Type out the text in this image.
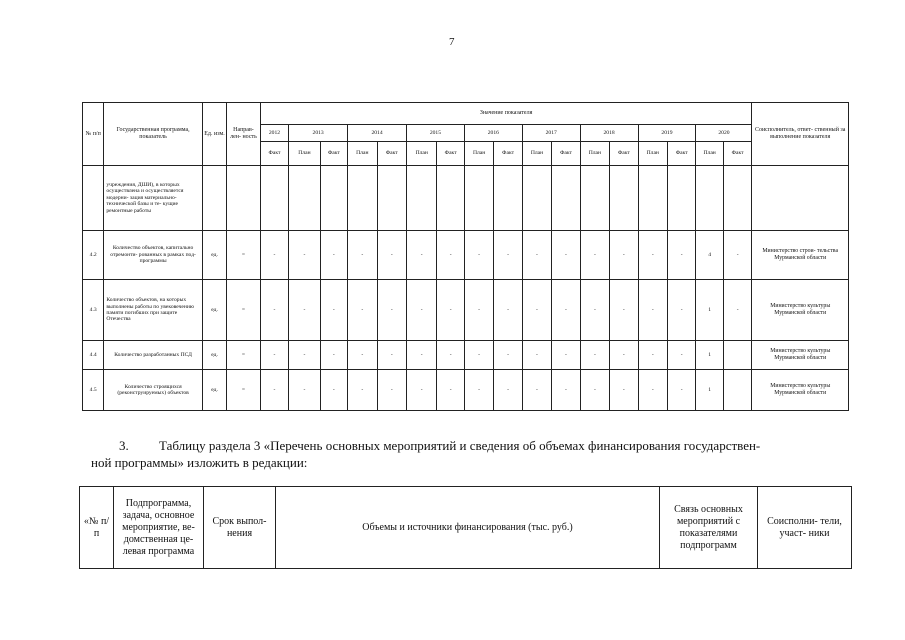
7
№ п/п	Государственная программа, показатель	Ед. изм.	Направ- лен- ность	Значение показателя																	Соисполнитель, ответ- ственный за выполнение показателя
				2012	2013		2014		2015		2016		2017		2018		2019		2020		
				Факт	План	Факт	План	Факт	План	Факт	План	Факт	План	Факт	План	Факт	План	Факт	План	Факт	
	учреждения, ДШИ), в которых осуществлена и осуществляется модерни- зация материально- технической базы и те- кущие ремонтные работы																				
4.2	Количество объектов, капитально отремонти- рованных в рамках под- программы	ед.	=	-	-	-	-	-	-	-	-	-	-	-	-	-	-	-	4	-	Министерство строи- тельства Мурманской области
4.3	Количество объектов, на которых выполнены работы по увековечению памяти погибших при защите Отечества	ед.	=	-	-	-	-	-	-	-	-	-	-	-	-	-	-	-	1	-	Министерство культуры Мурманской области
4.4	Количество разработанных ПСД	ед.	=	-	-	-	-	-	-	-	-	-	-	-	-	-	-	-	1		Министерство культуры Мурманской области
4.5	Количество строящихся (реконструируемых) объектов	ед.	=	-	-	-	-	-	-	-	-	-	-	-	-	-	-	-	1		Министерство культуры Мурманской области
3. Таблицу раздела 3 «Перечень основных мероприятий и сведения об объемах финансирования государствен-
ной программы» изложить в редакции:
«№ п/п	Подпрограмма, задача, основное мероприятие, ве- домственная це- левая программа	Срок выпол- нения	Объемы и источники финансирования (тыс. руб.)	Связь основных мероприятий с показателями подпрограмм	Соисполни- тели, участ- ники
